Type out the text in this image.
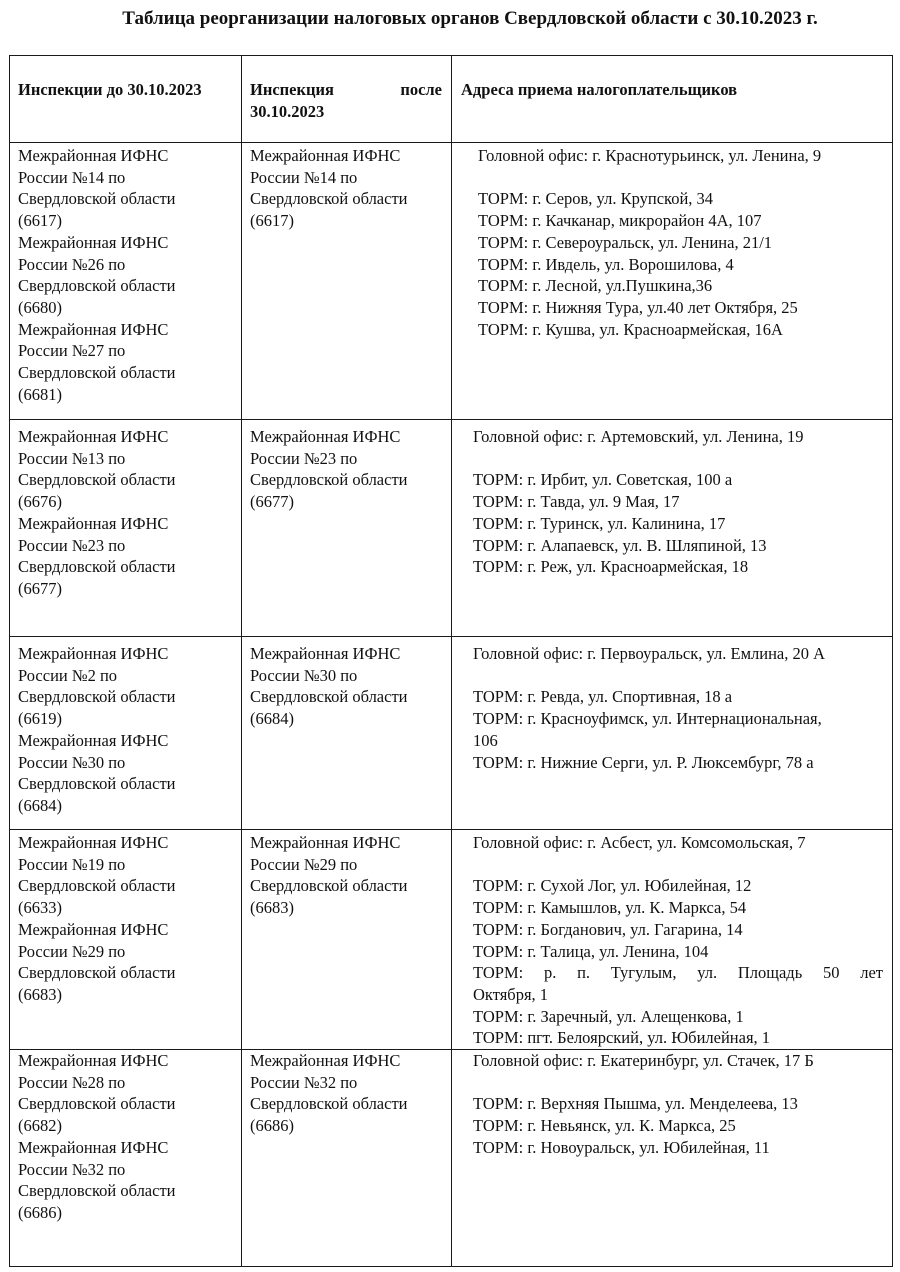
Таблица реорганизации налоговых органов Свердловской области с 30.10.2023 г.
Инспекции до 30.10.2023	Инспекция	после
30.10.2023
Адреса приема налогоплательщиков
Межрайонная ИФНС
России №14 по
Свердловской области
(6617)
Межрайонная ИФНС
России №26 по
Свердловской области
(6680)
Межрайонная ИФНС
России №27 по
Свердловской области
(6681)
Межрайонная ИФНС
России №14 по
Свердловской области
(6617)
Головной офис: г. Краснотурьинск, ул. Ленина, 9
ТОРМ: г. Серов, ул. Крупской, 34
ТОРМ: г. Качканар, микрорайон 4А, 107
ТОРМ: г. Североуральск, ул. Ленина, 21/1
ТОРМ: г. Ивдель, ул. Ворошилова, 4
ТОРМ: г. Лесной, ул.Пушкина,36
ТОРМ: г. Нижняя Тура, ул.40 лет Октября, 25
ТОРМ: г. Кушва, ул. Красноармейская, 16А
Межрайонная ИФНС
России №13 по
Свердловской области
(6676)
Межрайонная ИФНС
России №23 по
Свердловской области
(6677)
Межрайонная ИФНС
России №23 по
Свердловской области
(6677)
Головной офис: г. Артемовский, ул. Ленина, 19
ТОРМ: г. Ирбит, ул. Советская, 100 а
ТОРМ: г. Тавда, ул. 9 Мая, 17
ТОРМ: г. Туринск, ул. Калинина, 17
ТОРМ: г. Алапаевск, ул. В. Шляпиной, 13
ТОРМ: г. Реж, ул. Красноармейская, 18
Межрайонная ИФНС
России №2 по
Свердловской области
(6619)
Межрайонная ИФНС
России №30 по
Свердловской области
(6684)
Межрайонная ИФНС
России №30 по
Свердловской области
(6684)
Головной офис: г. Первоуральск, ул. Емлина, 20 А
ТОРМ: г. Ревда, ул. Спортивная, 18 а
ТОРМ: г. Красноуфимск, ул. Интернациональная,
106
ТОРМ: г. Нижние Серги, ул. Р. Люксембург, 78 а
Межрайонная ИФНС
России №19 по
Свердловской области
(6633)
Межрайонная ИФНС
России №29 по
Свердловской области
(6683)
Межрайонная ИФНС
России №29 по
Свердловской области
(6683)
Головной офис: г. Асбест, ул. Комсомольская, 7
ТОРМ: г. Сухой Лог, ул. Юбилейная, 12
ТОРМ: г. Камышлов, ул. К. Маркса, 54
ТОРМ: г. Богданович, ул. Гагарина, 14
ТОРМ: г. Талица, ул. Ленина, 104
ТОРМ: р. п. Тугулым, ул. Площадь 50 лет
Октября, 1
ТОРМ: г. Заречный, ул. Алещенкова, 1
ТОРМ: пгт. Белоярский, ул. Юбилейная, 1
Межрайонная ИФНС
России №28 по
Свердловской области
(6682)
Межрайонная ИФНС
России №32 по
Свердловской области
(6686)
Межрайонная ИФНС
России №32 по
Свердловской области
(6686)
Головной офис: г. Екатеринбург, ул. Стачек, 17 Б
ТОРМ: г. Верхняя Пышма, ул. Менделеева, 13
ТОРМ: г. Невьянск, ул. К. Маркса, 25
ТОРМ: г. Новоуральск, ул. Юбилейная, 11
